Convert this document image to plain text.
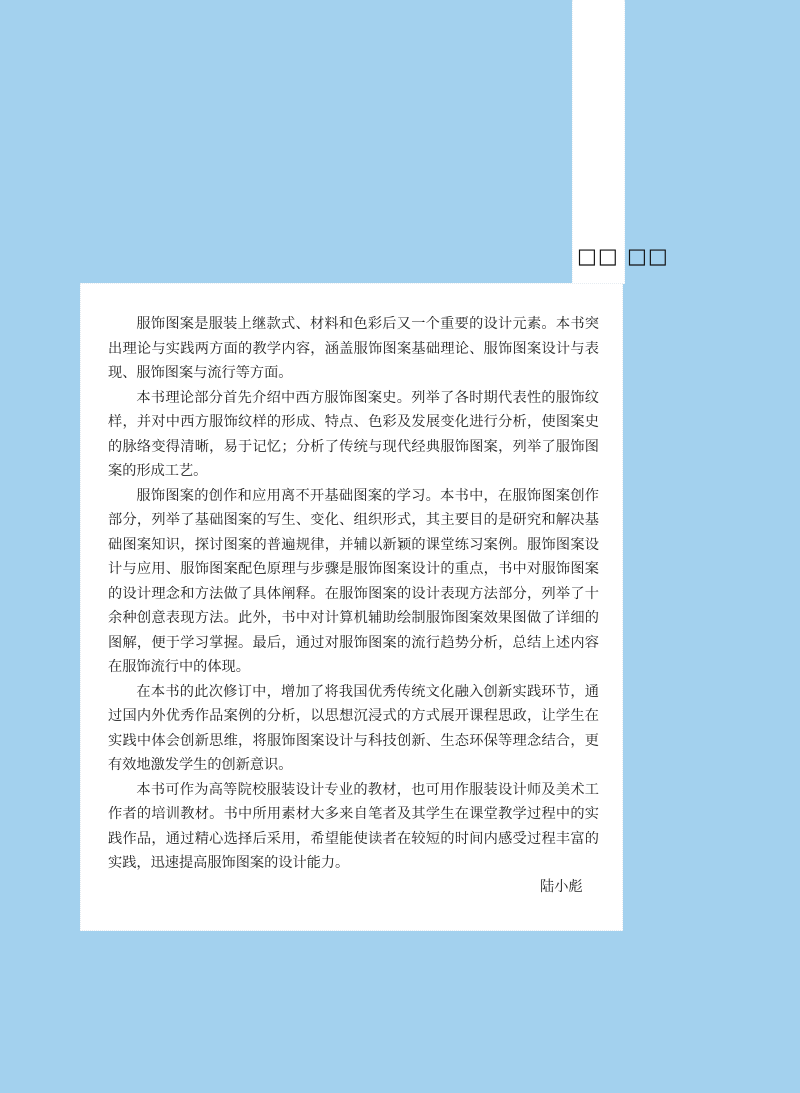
□□ □□

服饰图案是服装上继款式、材料和色彩后又一个重要的设计元素。本书突出理论与实践两方面的教学内容，涵盖服饰图案基础理论、服饰图案设计与表现、服饰图案与流行等方面。

本书理论部分首先介绍中西方服饰图案史。列举了各时期代表性的服饰纹样，并对中西方服饰纹样的形成、特点、色彩及发展变化进行分析，使图案史的脉络变得清晰，易于记忆；分析了传统与现代经典服饰图案，列举了服饰图案的形成工艺。

服饰图案的创作和应用离不开基础图案的学习。本书中，在服饰图案创作部分，列举了基础图案的写生、变化、组织形式，其主要目的是研究和解决基础图案知识，探讨图案的普遍规律，并辅以新颖的课堂练习案例。服饰图案设计与应用、服饰图案配色原理与步骤是服饰图案设计的重点，书中对服饰图案的设计理念和方法做了具体阐释。在服饰图案的设计表现方法部分，列举了十余种创意表现方法。此外，书中对计算机辅助绘制服饰图案效果图做了详细的图解，便于学习掌握。最后，通过对服饰图案的流行趋势分析，总结上述内容在服饰流行中的体现。

在本书的此次修订中，增加了将我国优秀传统文化融入创新实践环节，通过国内外优秀作品案例的分析，以思想沉浸式的方式展开课程思政，让学生在实践中体会创新思维，将服饰图案设计与科技创新、生态环保等理念结合，更有效地激发学生的创新意识。

本书可作为高等院校服装设计专业的教材，也可用作服装设计师及美术工作者的培训教材。书中所用素材大多来自笔者及其学生在课堂教学过程中的实践作品，通过精心选择后采用，希望能使读者在较短的时间内感受过程丰富的实践，迅速提高服饰图案的设计能力。

陆小彪
